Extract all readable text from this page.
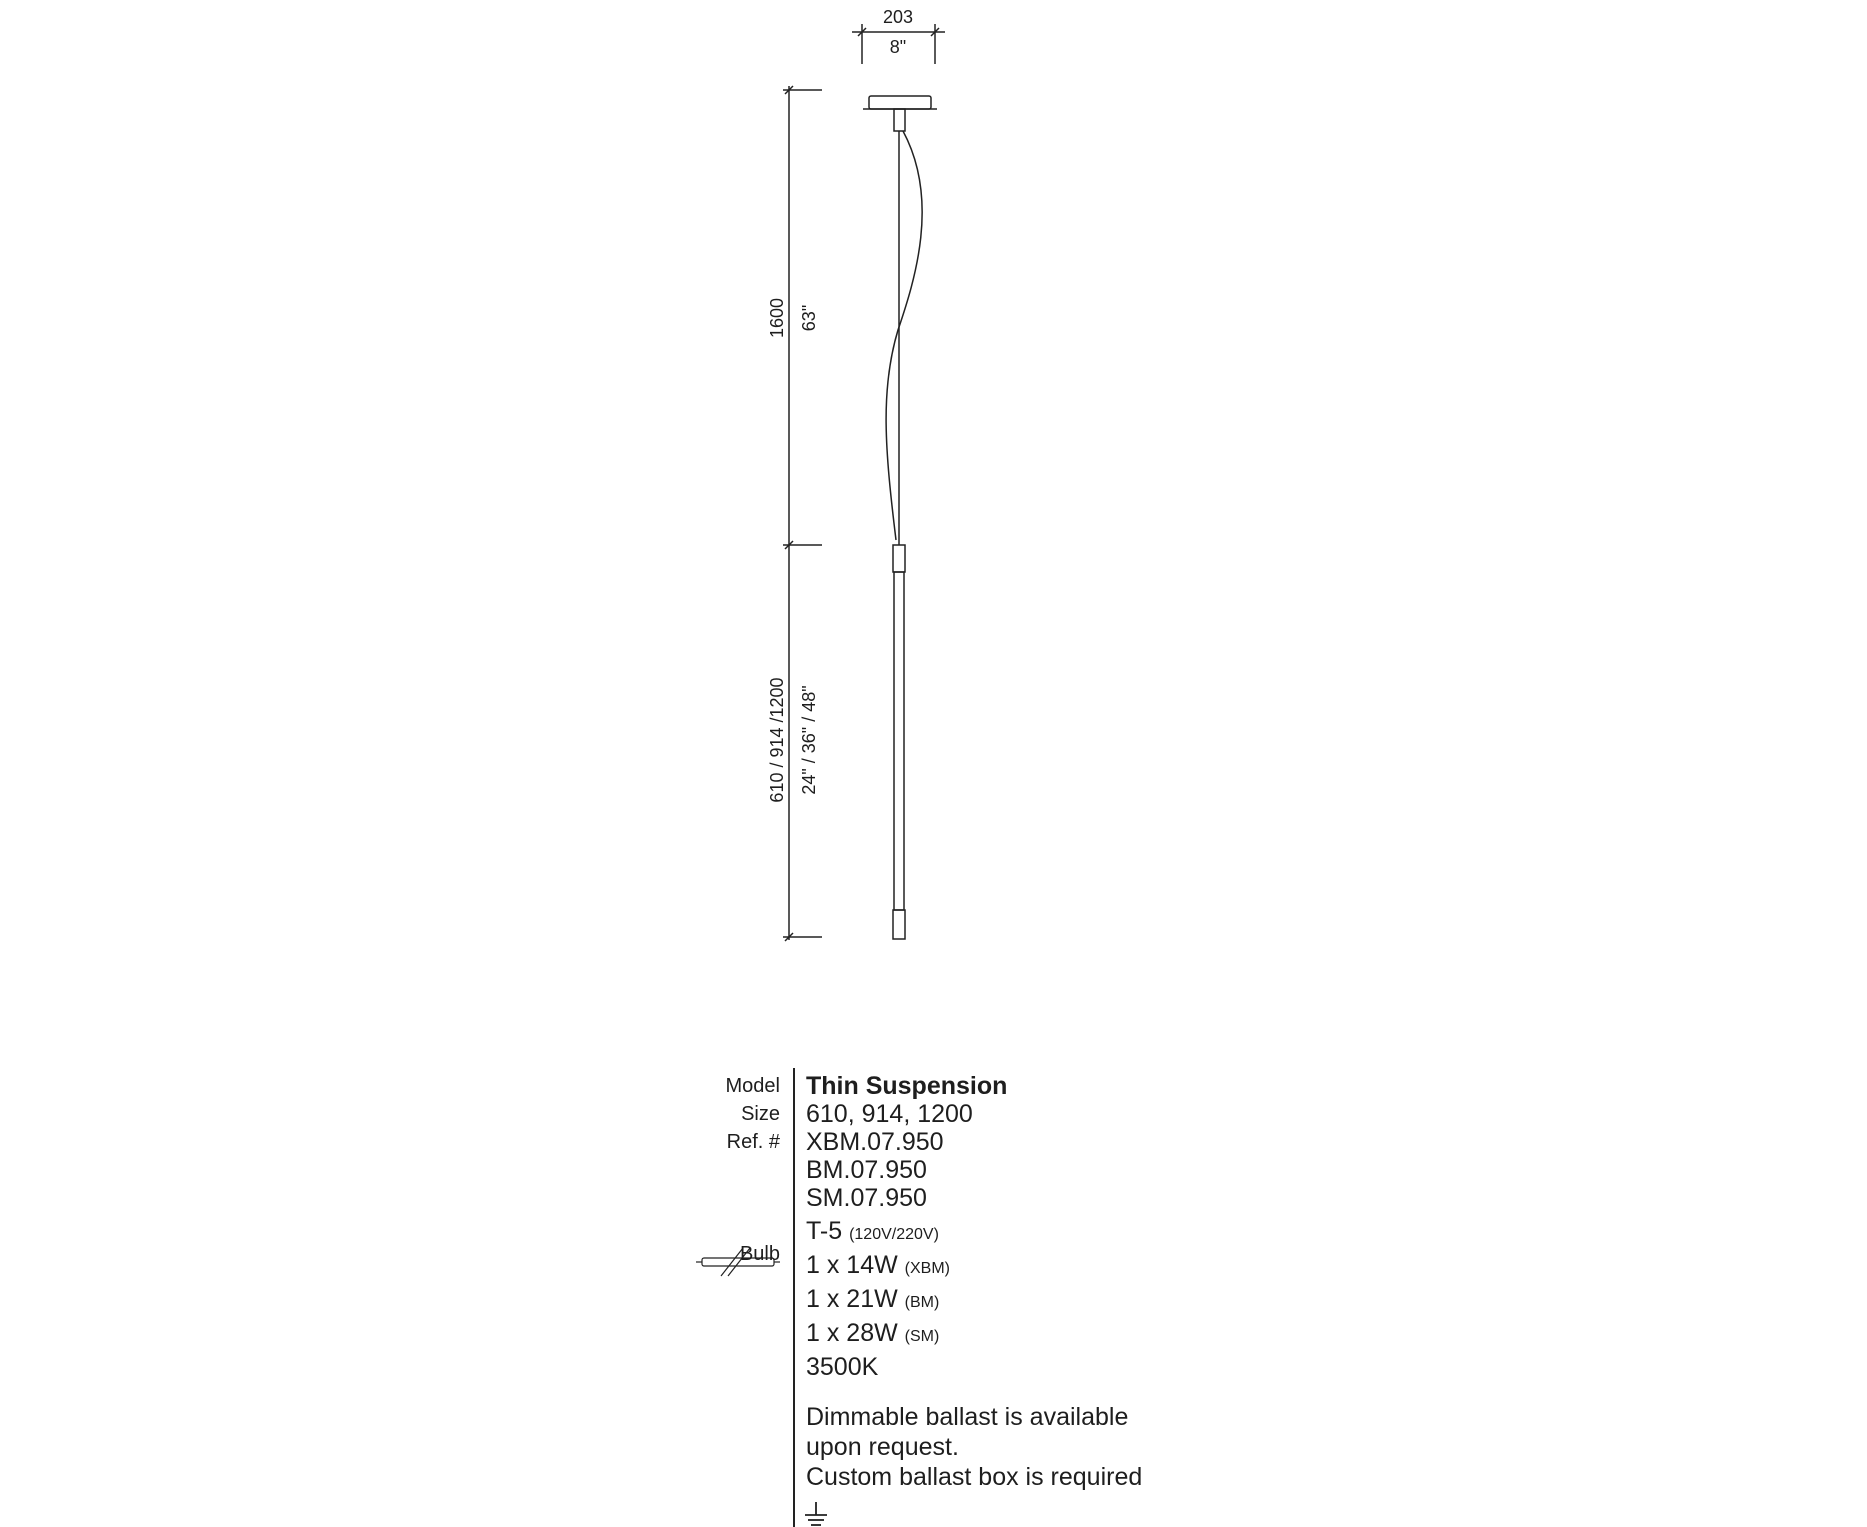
203
8"
1600 63"
610 / 914 /1200 24" / 36" / 48"
Model
Size
Ref. #
Bulb
Thin Suspension
610, 914, 1200
XBM.07.950
BM.07.950
SM.07.950
T-5 (120V/220V)
1 x 14W (XBM)
1 x 21W (BM)
1 x 28W (SM)
3500K
Dimmable ballast is available
upon request.
Custom ballast box is required
